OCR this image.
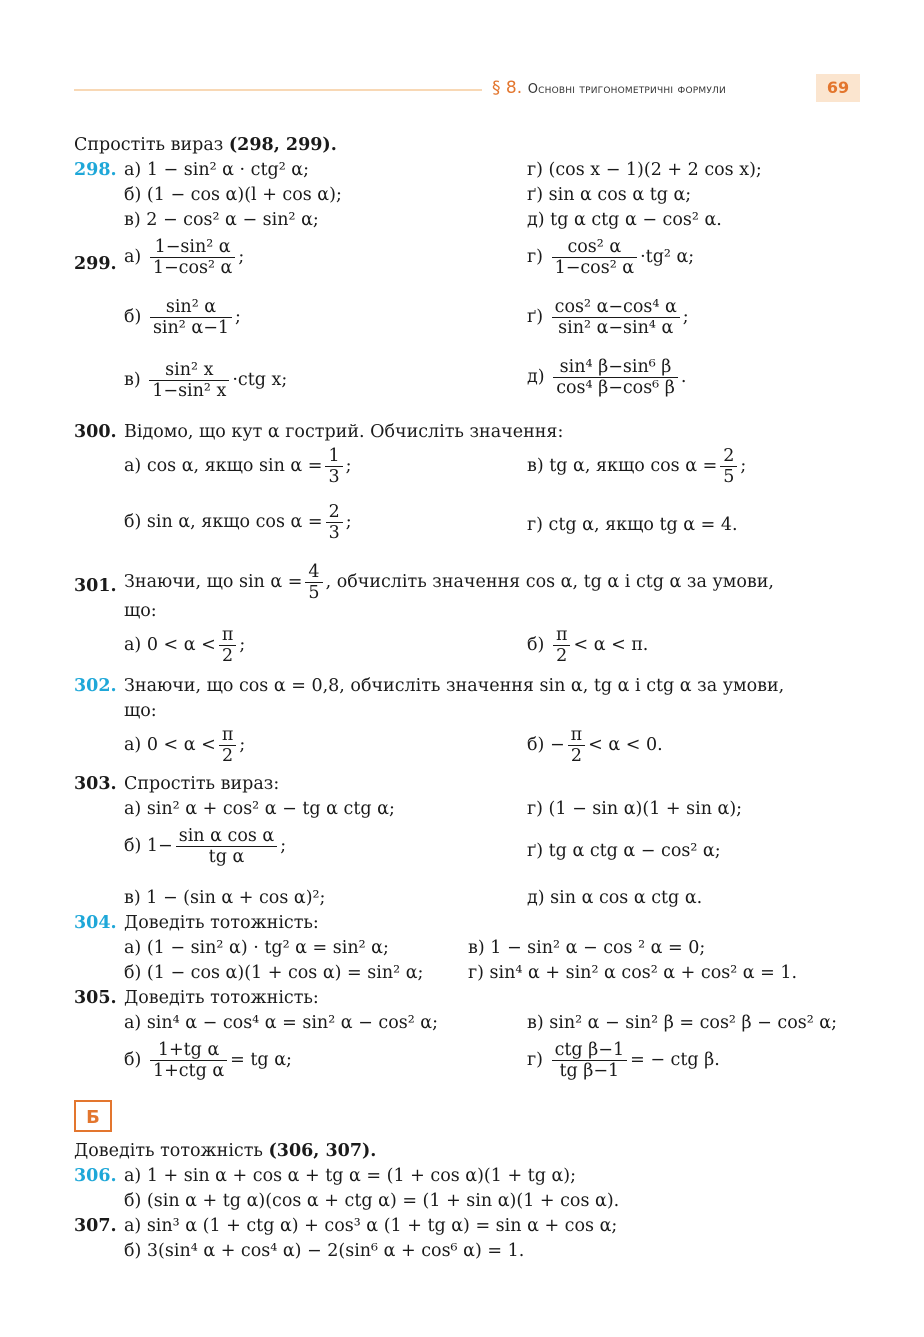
§ 8. Основні тригонометричні формули	69
Спростіть вираз (298, 299).
298. а) 1 − sin² α · ctg² α;
б) (1 − cos α)(l + cos α);
в) 2 − cos² α − sin² α;
г) (cos x − 1)(2 + 2 cos x);
ґ) sin α cos α tg α;
д) tg α ctg α − cos² α.
299. $а) \frac{\text{1−sin² α}}{\text{1−cos² α}}$ ;
$б) \frac{\text{sin² α}}{\text{sin² α−1}}$ ;
$в) \frac{\text{sin² x}}{\text{1−sin² x}} \cdot ctg$ x;
$г) \frac{\text{cos² α}}{\text{1−cos² α}} \cdot tg^2$ α;
$ґ) \frac{\text{cos² α−cos⁴ α}}{\text{sin² α−sin⁴ α}}$ ;
$д) \frac{\text{sin⁴ β−sin⁶ β}}{\text{cos⁴ β−cos⁶ β}}$ .
300. Відомо, що кут α гострий. Обчисліть значення:
а) cos α, якщо $\sin \alpha = \frac{1}{3}$ ;
б) sin α, якщо $\cos \alpha = \frac{2}{3}$ ;
в) tg α, якщо $\cos \alpha = \frac{2}{5}$ ;
г) ctg α, якщо tg α = 4.
301. Знаючи, що $\sin \alpha = \frac{4}{5}$ , обчисліть значення cos α, tg α і ctg α за умови,
що:
а) $0 < \alpha < \frac{\pi}{2}$ ;	$б) \frac{\pi}{2} < \alpha < \pi$.
302. Знаючи, що cos α = 0,8, обчисліть значення sin α, tg α і ctg α за умови,
що:
а) $0 < \alpha < \frac{\pi}{2}$ ;	$б) - \frac{\pi}{2} < \alpha < 0$.
303. Спростіть вираз:
а) sin² α + cos² α − tg α ctg α;
б) $1- \frac{\text{sin α cos α}}{\text{tg α}}$ ;
в) 1 − (sin α + cos α)²;
г) (1 − sin α)(1 + sin α);
ґ) tg α ctg α − cos² α;
д) sin α cos α ctg α.
304. Доведіть тотожність:
а) (1 − sin² α) · tg² α = sin² α;
б) (1 − cos α)(1 + cos α) = sin² α;
в) 1 − sin² α − cos ² α = 0;
г) sin⁴ α + sin² α cos² α + cos² α = 1.
305. Доведіть тотожність:
а) sin⁴ α − cos⁴ α = sin² α − cos² α;	в) sin² α − sin² β = cos² β − cos² α;
$б) \frac{\text{1+tg α}}{\text{1+ctg α}}$ = tg α;	$г) \frac{\text{ctg β−1}}{\text{tg β−1}}$ = − ctg β.
Б
Доведіть тотожність (306, 307).
306. а) 1 + sin α + cos α + tg α = (1 + cos α)(1 + tg α);
б) (sin α + tg α)(cos α + ctg α) = (1 + sin α)(1 + cos α).
307. а) sin³ α (1 + ctg α) + cos³ α (1 + tg α) = sin α + cos α;
б) 3(sin⁴ α + cos⁴ α) − 2(sin⁶ α + cos⁶ α) = 1.
